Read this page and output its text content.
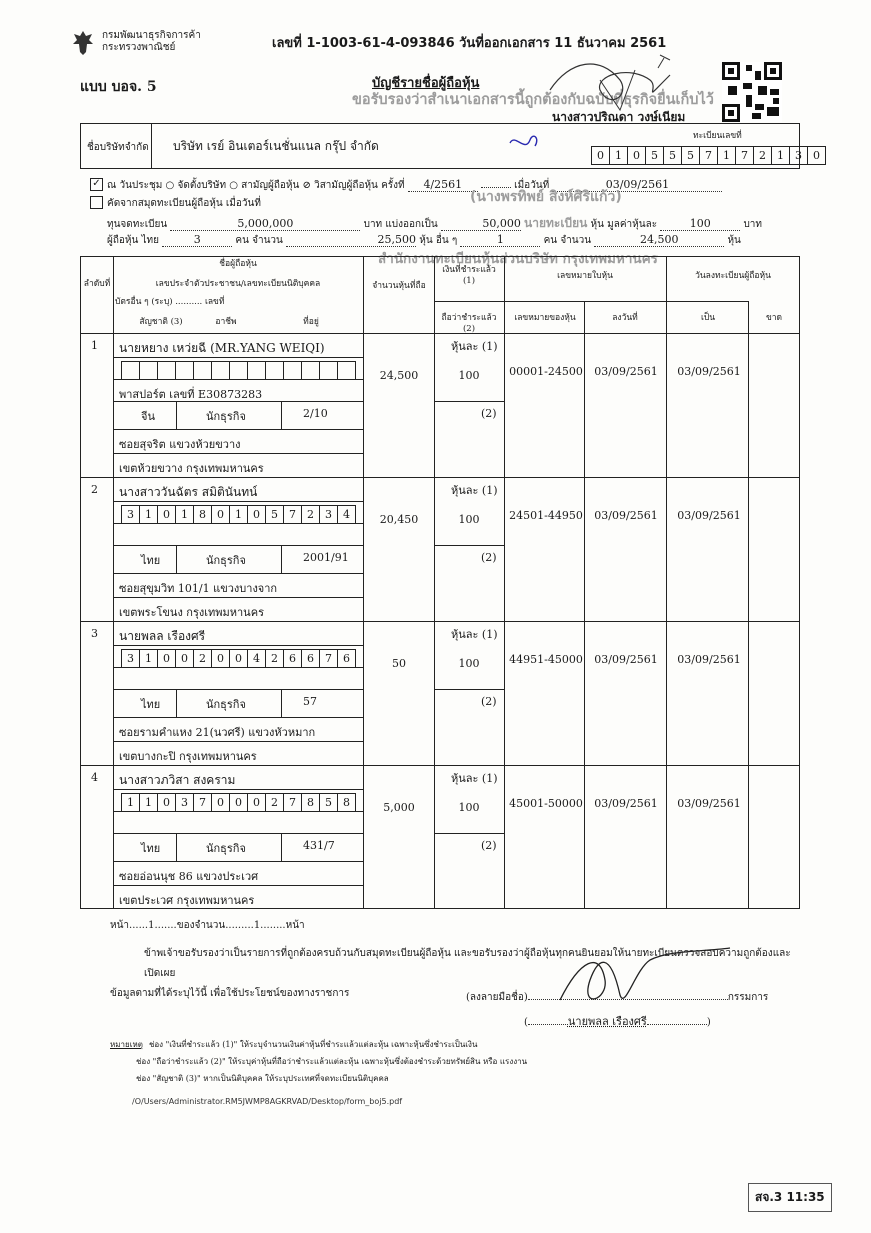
กรมพัฒนาธุรกิจการค้า
กระทรวงพาณิชย์	เลขที่ 1-1003-61-4-093846 วันที่ออกเอกสาร 11 ธันวาคม 2561
แบบ บอจ. 5	บัญชีรายชื่อผู้ถือหุ้น
ขอรับรองว่าสำเนาเอกสารนี้ถูกต้องกับฉบับที่ธุรกิจยื่นเก็บไว้
นางสาวปริณดา วงษ์เนียม
ชื่อบริษัทจำกัด บริษัท เรย์ อินเตอร์เนชั่นแนล กรุ๊ป จำกัด
ทะเบียนเลขที่
0	1	0	5	5	5	7	1	7	2	1	3	0
✓ ณ วันประชุม ○ จัดตั้งบริษัท ○ สามัญผู้ถือหุ้น ⊘ วิสามัญผู้ถือหุ้น ครั้งที่ 4/2561	เมื่อวันที่	03/09/2561
คัดจากสมุดทะเบียนผู้ถือหุ้น เมื่อวันที่	(นางพรทิพย์ สิงห์ศิริแก้ว)
ทุนจดทะเบียน	5,000,000	บาท แบ่งออกเป็น	50,000 นายทะเบียน หุ้น มูลค่าหุ้นละ	100	บาท
ผู้ถือหุ้น ไทย	3	คน จำนวน	25,500 หุ้น อื่น ๆ	1	คน จำนวน	24,500	หุ้น
สำนักงานทะเบียนหุ้นส่วนบริษัท กรุงเทพมหานคร
ลำดับที่
ชื่อผู้ถือหุ้น
เลขประจำตัวประชาชน/เลขทะเบียนนิติบุคคล
บัตรอื่น ๆ (ระบุ) .......... เลขที่
สัญชาติ (3)	อาชีพ	ที่อยู่
จำนวนหุ้นที่ถือ
เงินที่ชำระแล้ว (1)
ถือว่าชำระแล้ว (2)
เลขหมายใบหุ้น
เลขหมายของหุ้น	ลงวันที่
วันลงทะเบียนผู้ถือหุ้น
เป็น	ขาด
1 นายหยาง เหว่ยฉี (MR.YANG WEIQI)
พาสปอร์ต เลขที่ E30873283
จีน	นักธุรกิจ	2/10
ซอยสุจริต แขวงห้วยขวาง
เขตห้วยขวาง กรุงเทพมหานคร
24,500
หุ้นละ (1)
100
(2)
00001-24500	03/09/2561	03/09/2561
2 นางสาววันฉัตร สมิตินันทน์
3	1	0	1	8	0	1	0	5	7	2	3	4
ไทย	นักธุรกิจ	2001/91
ซอยสุขุมวิท 101/1 แขวงบางจาก
เขตพระโขนง กรุงเทพมหานคร
20,450
หุ้นละ (1)
100
(2)
24501-44950	03/09/2561	03/09/2561
3 นายพลล เรืองศรี
3	1	0	0	2	0	0	4	2	6	6	7	6
ไทย	นักธุรกิจ	57
ซอยรามคำแหง 21(นวศรี) แขวงหัวหมาก
เขตบางกะปิ กรุงเทพมหานคร
50
หุ้นละ (1)
100
(2)
44951-45000	03/09/2561	03/09/2561
4 นางสาวภวิสา สงคราม
1	1	0	3	7	0	0	0	2	7	8	5	8
ไทย	นักธุรกิจ	431/7
ซอยอ่อนนุช 86 แขวงประเวศ
เขตประเวศ กรุงเทพมหานคร
5,000
หุ้นละ (1)
100
(2)
45001-50000	03/09/2561	03/09/2561
หน้า......1.......ของจำนวน.........1........หน้า
ข้าพเจ้าขอรับรองว่าเป็นรายการที่ถูกต้องครบถ้วนกับสมุดทะเบียนผู้ถือหุ้น และขอรับรองว่าผู้ถือหุ้นทุกคนยินยอมให้นายทะเบียนตรวจสอบความถูกต้องและเปิดเผย
ข้อมูลตามที่ได้ระบุไว้นี้ เพื่อใช้ประโยชน์ของทางราชการ	(ลงลายมือชื่อ)	กรรมการ
(	นายพลล เรืองศรี	)
หมายเหตุ ช่อง "เงินที่ชำระแล้ว (1)" ให้ระบุจำนวนเงินค่าหุ้นที่ชำระแล้วแต่ละหุ้น เฉพาะหุ้นซึ่งชำระเป็นเงิน
ช่อง "ถือว่าชำระแล้ว (2)" ให้ระบุค่าหุ้นที่ถือว่าชำระแล้วแต่ละหุ้น เฉพาะหุ้นซึ่งต้องชำระด้วยทรัพย์สิน หรือ แรงงาน
ช่อง "สัญชาติ (3)" หากเป็นนิติบุคคล ให้ระบุประเทศที่จดทะเบียนนิติบุคคล
/O/Users/Administrator.RM5JWMP8AGKRVAD/Desktop/form_boj5.pdf
สจ.3 11:35
